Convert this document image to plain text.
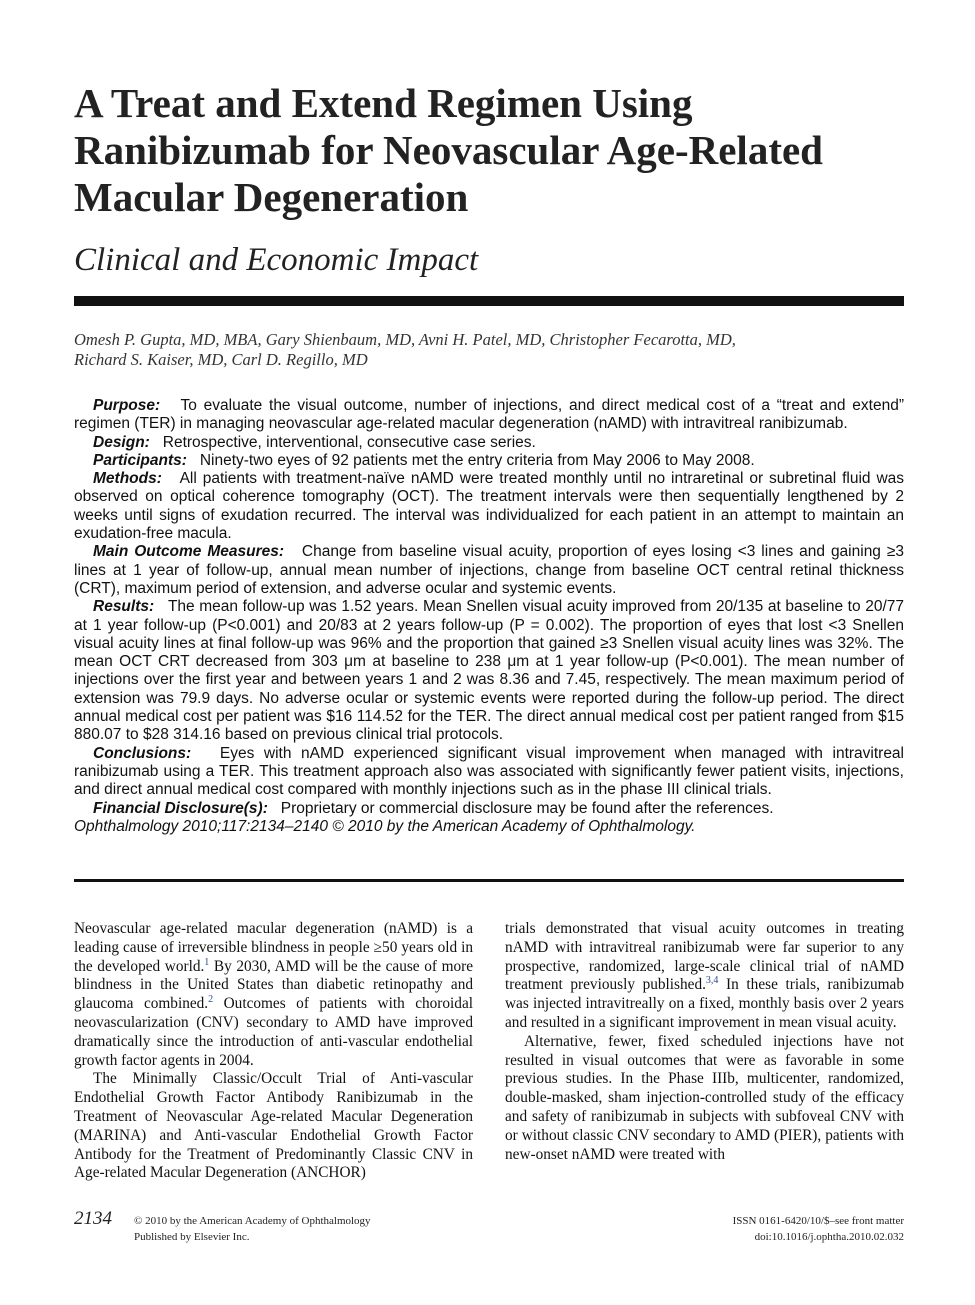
A Treat and Extend Regimen Using Ranibizumab for Neovascular Age-Related Macular Degeneration
Clinical and Economic Impact
Omesh P. Gupta, MD, MBA, Gary Shienbaum, MD, Avni H. Patel, MD, Christopher Fecarotta, MD,
Richard S. Kaiser, MD, Carl D. Regillo, MD

Purpose: To evaluate the visual outcome, number of injections, and direct medical cost of a “treat and extend” regimen (TER) in managing neovascular age-related macular degeneration (nAMD) with intravitreal ranibizumab.

Design: Retrospective, interventional, consecutive case series.

Participants: Ninety-two eyes of 92 patients met the entry criteria from May 2006 to May 2008.

Methods: All patients with treatment-naïve nAMD were treated monthly until no intraretinal or subretinal fluid was observed on optical coherence tomography (OCT). The treatment intervals were then sequentially lengthened by 2 weeks until signs of exudation recurred. The interval was individualized for each patient in an attempt to maintain an exudation-free macula.

Main Outcome Measures: Change from baseline visual acuity, proportion of eyes losing <3 lines and gaining ≥3 lines at 1 year of follow-up, annual mean number of injections, change from baseline OCT central retinal thickness (CRT), maximum period of extension, and adverse ocular and systemic events.

Results: The mean follow-up was 1.52 years. Mean Snellen visual acuity improved from 20/135 at baseline to 20/77 at 1 year follow-up (P<0.001) and 20/83 at 2 years follow-up (P = 0.002). The proportion of eyes that lost <3 Snellen visual acuity lines at final follow-up was 96% and the proportion that gained ≥3 Snellen visual acuity lines was 32%. The mean OCT CRT decreased from 303 μm at baseline to 238 μm at 1 year follow-up (P<0.001). The mean number of injections over the first year and between years 1 and 2 was 8.36 and 7.45, respectively. The mean maximum period of extension was 79.9 days. No adverse ocular or systemic events were reported during the follow-up period. The direct annual medical cost per patient was $16 114.52 for the TER. The direct annual medical cost per patient ranged from $15 880.07 to $28 314.16 based on previous clinical trial protocols.

Conclusions: Eyes with nAMD experienced significant visual improvement when managed with intravitreal ranibizumab using a TER. This treatment approach also was associated with significantly fewer patient visits, injections, and direct annual medical cost compared with monthly injections such as in the phase III clinical trials.

Financial Disclosure(s): Proprietary or commercial disclosure may be found after the references.

Ophthalmology 2010;117:2134–2140 © 2010 by the American Academy of Ophthalmology.

Neovascular age-related macular degeneration (nAMD) is a leading cause of irreversible blindness in people ≥50 years old in the developed world.$^1$ By 2030, AMD will be the cause of more blindness in the United States than diabetic retinopathy and glaucoma combined.$^2$ Outcomes of patients with choroidal neovascularization (CNV) secondary to AMD have improved dramatically since the introduction of anti-vascular endothelial growth factor agents in 2004.

The Minimally Classic/Occult Trial of Anti-vascular Endothelial Growth Factor Antibody Ranibizumab in the Treatment of Neovascular Age-related Macular Degeneration (MARINA) and Anti-vascular Endothelial Growth Factor Antibody for the Treatment of Predominantly Classic CNV in Age-related Macular Degeneration (ANCHOR)

trials demonstrated that visual acuity outcomes in treating nAMD with intravitreal ranibizumab were far superior to any prospective, randomized, large-scale clinical trial of nAMD treatment previously published.$^{3,4}$ In these trials, ranibizumab was injected intravitreally on a fixed, monthly basis over 2 years and resulted in a significant improvement in mean visual acuity.

Alternative, fewer, fixed scheduled injections have not resulted in visual outcomes that were as favorable in some previous studies. In the Phase IIIb, multicenter, randomized, double-masked, sham injection-controlled study of the efficacy and safety of ranibizumab in subjects with subfoveal CNV with or without classic CNV secondary to AMD (PIER), patients with new-onset nAMD were treated with

2134 © 2010 by the American Academy of Ophthalmology
Published by Elsevier Inc.
ISSN 0161-6420/10/$–see front matter
doi:10.1016/j.ophtha.2010.02.032
